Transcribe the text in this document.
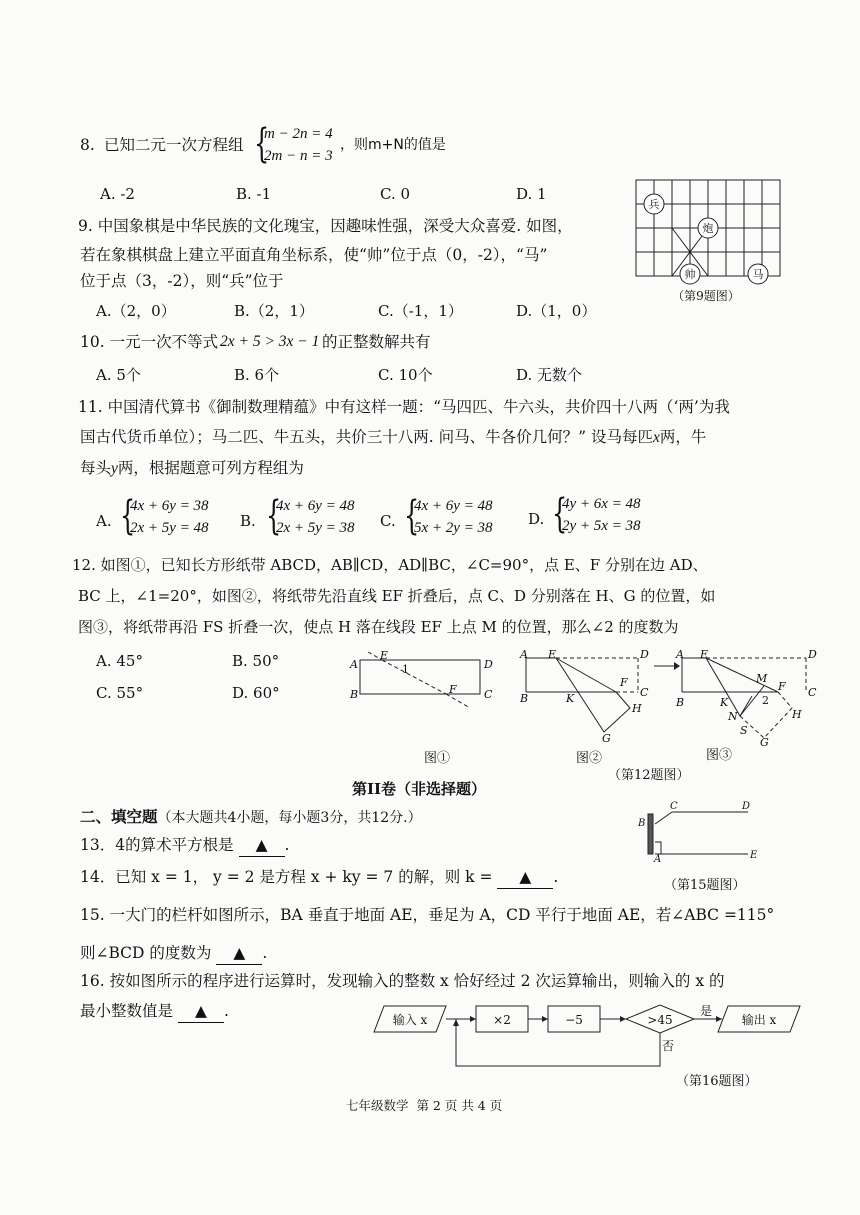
8. 已知二元一次方程组 {
m − 2n = 4
2m − n = 3
，则m+N的值是
A. -2	B. -1	C. 0	D. 1
9. 中国象棋是中华民族的文化瑰宝，因趣味性强，深受大众喜爱. 如图，
若在象棋棋盘上建立平面直角坐标系，使“帅”位于点（0，-2），“马”
位于点（3，-2），则“兵”位于
A.（2，0）	B.（2，1）	C.（-1，1）	D.（1，0）
兵
炮
帅	马
（第9题图）
10. 一元一次不等式 2x + 5 > 3x − 1 的正整数解共有
A. 5个	B. 6个	C. 10个	D. 无数个
11. 中国清代算书《御制数理精蕴》中有这样一题：“马四匹、牛六头，共价四十八两（‘两’为我
国古代货币单位）；马二匹、牛五头，共价三十八两. 问马、牛各价几何？” 设马每匹x两，牛
每头y两，根据题意可列方程组为
A. {
4x + 6y = 38
2x + 5y = 48 B. {
4x + 6y = 48
2x + 5y = 38 C. {
4x + 6y = 48
5x + 2y = 38 D. {
4y + 6x = 48
2y + 5x = 38
12. 如图①，已知长方形纸带 ABCD，AB∥CD，AD∥BC，∠C=90°，点 E、F 分别在边 AD、
BC 上，∠1=20°，如图②，将纸带先沿直线 EF 折叠后，点 C、D 分别落在 H、G 的位置，如
图③，将纸带再沿 FS 折叠一次，使点 H 落在线段 EF 上点 M 的位置，那么∠2 的度数为
A. 45°	B. 50°
C. 55°	D. 60°
A
E
1	D
B	F C
图①
A E	D
B	K
F
C
H
G
图②
A E	D
B	K
M
F C
2
H
N
S
G
图③
（第12题图）
第II卷（非选择题）
二、填空题（本大题共4小题，每小题3分，共12分.）
13．4的算术平方根是 ▲ .
14．已知 x = 1， y = 2 是方程 x + ky = 7 的解，则 k = ▲ .
B
C	D
A	E
（第15题图）
15. 一大门的栏杆如图所示，BA 垂直于地面 AE，垂足为 A，CD 平行于地面 AE，若∠ABC =115°
则∠BCD 的度数为 ▲ .
16. 按如图所示的程序进行运算时，发现输入的整数 x 恰好经过 2 次运算输出，则输入的 x 的
最小整数值是 ▲ .	输入 x	×2	−5	>45	输出 x
是
否
（第16题图）
七年级数学  第 2 页 共 4 页
